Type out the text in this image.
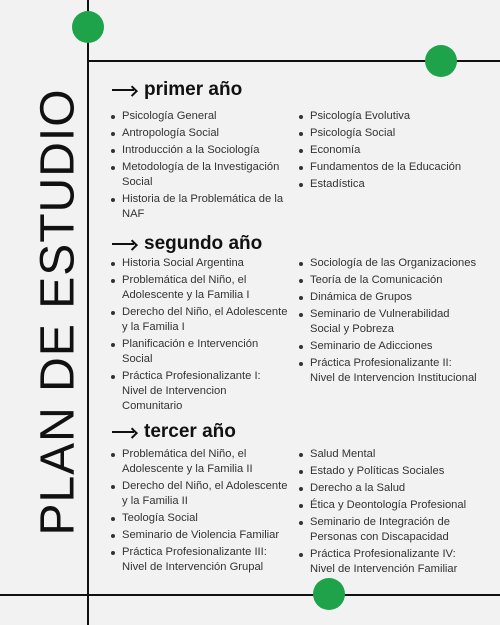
PLAN DE ESTUDIO	primer año
Psicología General
Antropología Social
Introducción a la Sociología
Metodología de la Investigación Social
Historia de la Problemática de la NAF
Psicología Evolutiva
Psicología Social
Economía
Fundamentos de la Educación
Estadística
segundo año
Historia Social Argentina
Problemática del Niño, el Adolescente y la Familia I
Derecho del Niño, el Adolescente y la Familia I
Planificación e Intervención Social
Práctica Profesionalizante I: Nivel de Intervencion Comunitario
Sociología de las Organizaciones
Teoría de la Comunicación
Dinámica de Grupos
Seminario de Vulnerabilidad Social y Pobreza
Seminario de Adicciones
Práctica Profesionalizante II: Nivel de Intervencion Institucional
tercer año
Problemática del Niño, el Adolescente y la Familia II
Derecho del Niño, el Adolescente y la Familia II
Teología Social
Seminario de Violencia Familiar
Práctica Profesionalizante III: Nivel de Intervención Grupal
Salud Mental
Estado y Políticas Sociales
Derecho a la Salud
Ética y Deontología Profesional
Seminario de Integración de Personas con Discapacidad
Práctica Profesionalizante IV: Nivel de Intervención Familiar
